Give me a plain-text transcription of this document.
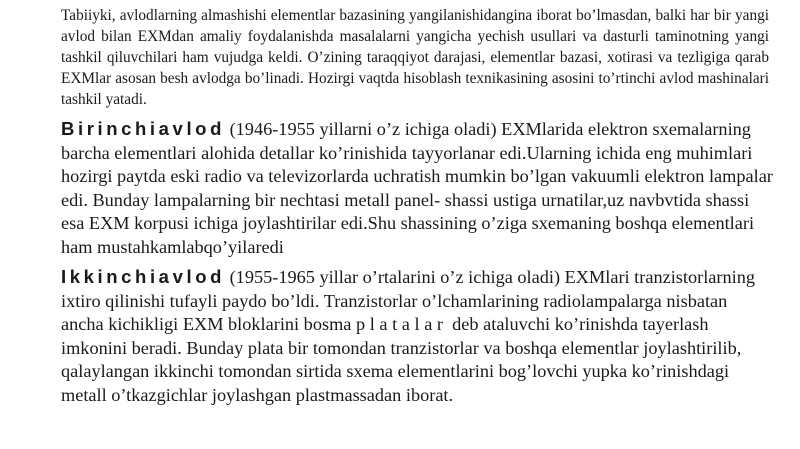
Tabiiyki, avlodlarning almashishi elementlar bazasining yangilanishidangina iborat bo’lmasdan, balki har bir yangi avlod bilan EXMdan amaliy foydalanishda masalalarni yangicha yechish usullari va dasturli taminotning yangi tashkil qiluvchilari ham vujudga keldi. O’zining taraqqiyot darajasi, elementlar bazasi, xotirasi va tezligiga qarab EXMlar asosan besh avlodga bo’linadi. Hozirgi vaqtda hisoblash texnikasining asosini to’rtinchi avlod mashinalari tashkil yatadi.

Birinchiavlod (1946-1955 yillarni o’z ichiga oladi) EXMlarida elektron sxemalarning barcha elementlari alohida detallar ko’rinishida tayyorlanar edi.Ularning ichida eng muhimlari hozirgi paytda eski radio va televizorlarda uchratish mumkin bo’lgan vakuumli elektron lampalar edi. Bunday lampalarning bir nechtasi metall panel- shassi ustiga urnatilar,uz navbvtida shassi esa EXM korpusi ichiga joylashtirilar edi.Shu shassining o’ziga sxemaning boshqa elementlari ham mustahkamlabqo’yilaredi

Ikkinchiavlod (1955-1965 yillar o’rtalarini o’z ichiga oladi) EXMlari tranzistorlarning ixtiro qilinishi tufayli paydo bo’ldi. Tranzistorlar o’lchamlarining radiolampalarga nisbatan ancha kichikligi EXM bloklarini bosma platalar deb ataluvchi ko’rinishda tayerlash imkonini beradi. Bunday plata bir tomondan tranzistorlar va boshqa elementlar joylashtirilib, qalaylangan ikkinchi tomondan sirtida sxema elementlarini bog’lovchi yupka ko’rinishdagi metall o’tkazgichlar joylashgan plastmassadan iborat.
